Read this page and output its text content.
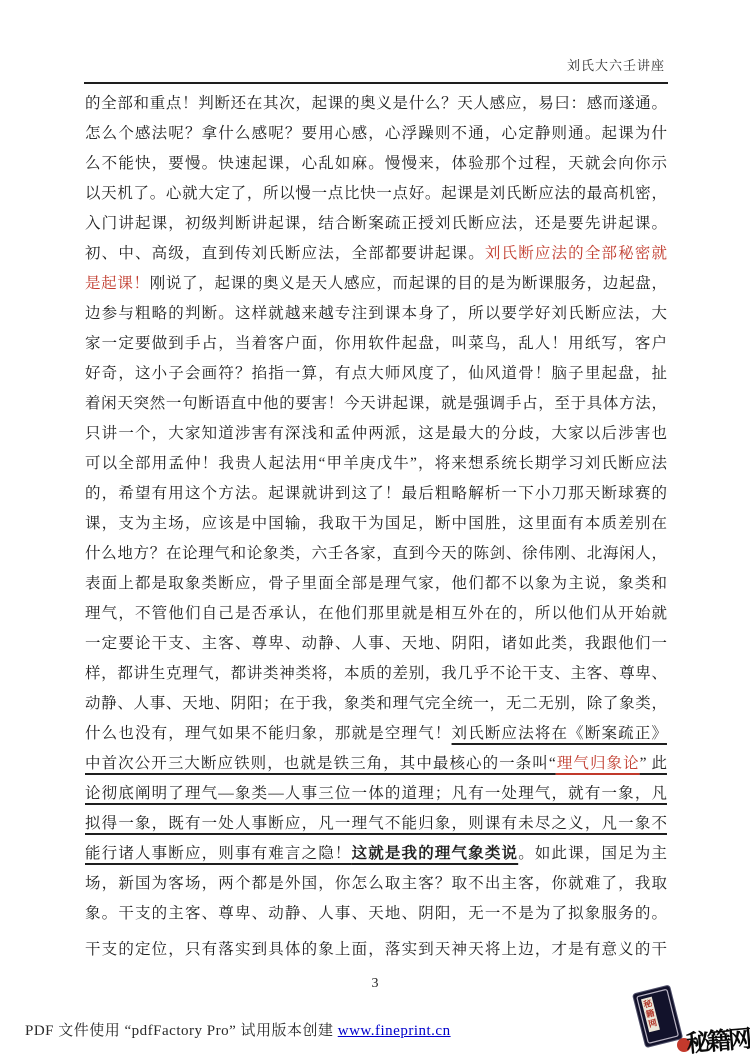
刘氏大六壬讲座
的全部和重点！判断还在其次，起课的奥义是什么？天人感应，易曰：感而遂通。
怎么个感法呢？拿什么感呢？要用心感，心浮躁则不通，心定静则通。起课为什
么不能快，要慢。快速起课，心乱如麻。慢慢来，体验那个过程，天就会向你示
以天机了。心就大定了，所以慢一点比快一点好。起课是刘氏断应法的最高机密，
入门讲起课，初级判断讲起课，结合断案疏正授刘氏断应法，还是要先讲起课。
初、中、高级，直到传刘氏断应法，全部都要讲起课。刘氏断应法的全部秘密就
是起课！刚说了，起课的奥义是天人感应，而起课的目的是为断课服务，边起盘，
边参与粗略的判断。这样就越来越专注到课本身了，所以要学好刘氏断应法，大
家一定要做到手占，当着客户面，你用软件起盘，叫菜鸟，乱人！用纸写，客户
好奇，这小子会画符？掐指一算，有点大师风度了，仙风道骨！脑子里起盘，扯
着闲天突然一句断语直中他的要害！今天讲起课，就是强调手占，至于具体方法，
只讲一个，大家知道涉害有深浅和孟仲两派，这是最大的分歧，大家以后涉害也
可以全部用孟仲！我贵人起法用“甲羊庚戊牛”，将来想系统长期学习刘氏断应法
的，希望有用这个方法。起课就讲到这了！最后粗略解析一下小刀那天断球赛的
课，支为主场，应该是中国输，我取干为国足，断中国胜，这里面有本质差别在
什么地方？在论理气和论象类，六壬各家，直到今天的陈剑、徐伟刚、北海闲人，
表面上都是取象类断应，骨子里面全部是理气家，他们都不以象为主说，象类和
理气，不管他们自己是否承认，在他们那里就是相互外在的，所以他们从开始就
一定要论干支、主客、尊卑、动静、人事、天地、阴阳，诸如此类，我跟他们一
样，都讲生克理气，都讲类神类将，本质的差别，我几乎不论干支、主客、尊卑、
动静、人事、天地、阴阳；在于我，象类和理气完全统一，无二无别，除了象类，
什么也没有，理气如果不能归象，那就是空理气！刘氏断应法将在《断案疏正》
中首次公开三大断应铁则，也就是铁三角，其中最核心的一条叫“理气归象论” 此
论彻底阐明了理气—象类—人事三位一体的道理；凡有一处理气，就有一象，凡
拟得一象，既有一处人事断应，凡一理气不能归象，则课有未尽之义，凡一象不
能行诸人事断应，则事有难言之隐！这就是我的理气象类说。如此课，国足为主
场，新国为客场，两个都是外国，你怎么取主客？取不出主客，你就难了，我取
象。干支的主客、尊卑、动静、人事、天地、阴阳，无一不是为了拟象服务的。
干支的定位，只有落实到具体的象上面，落实到天神天将上边，才是有意义的干
3
PDF 文件使用 “pdfFactory Pro” 试用版本创建 www.fineprint.cn
秘籍网
秘籍网
